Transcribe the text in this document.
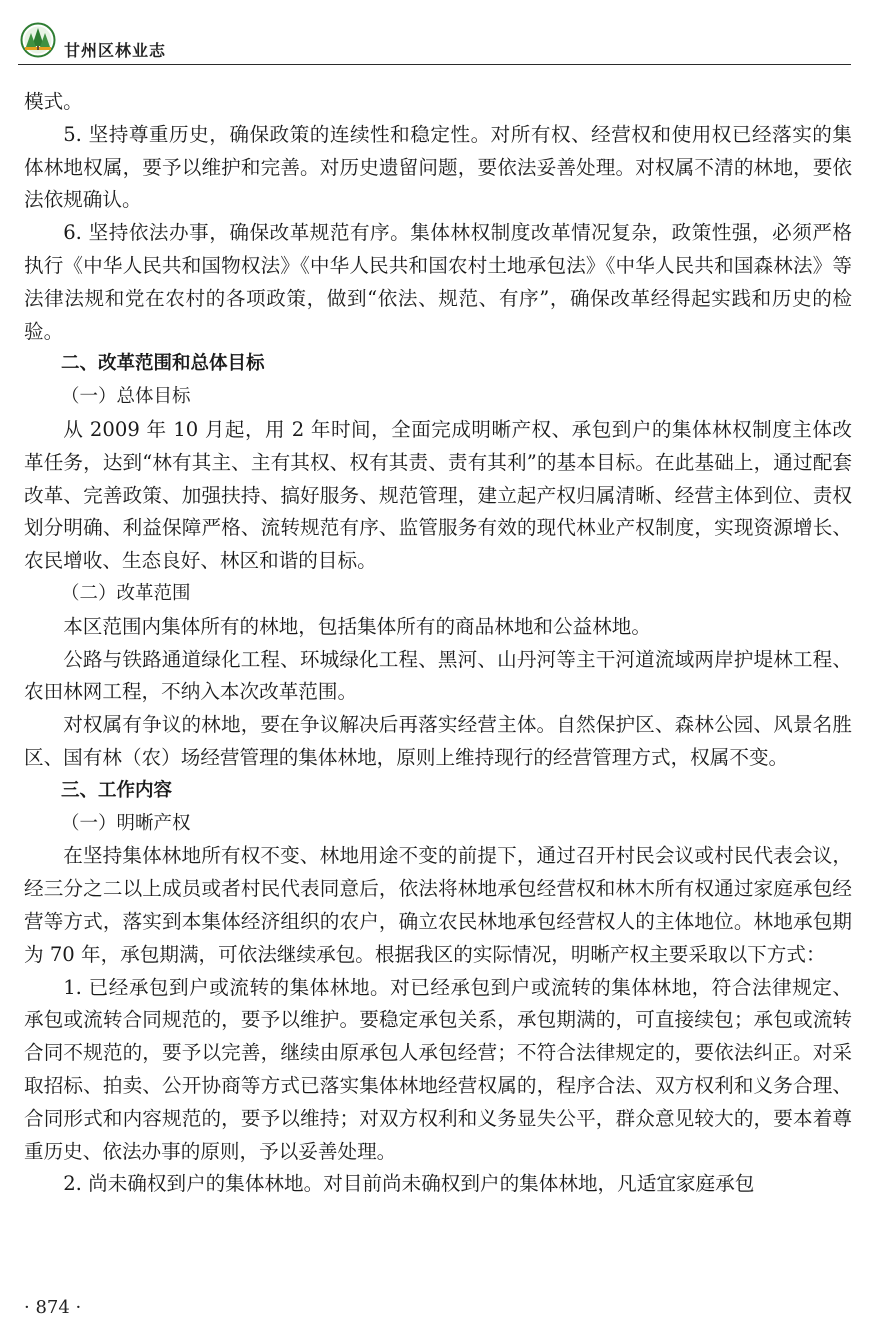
甘州区林业志

模式。

5. 坚持尊重历史，确保政策的连续性和稳定性。对所有权、经营权和使用权已经落实的集体林地权属，要予以维护和完善。对历史遗留问题，要依法妥善处理。对权属不清的林地，要依法依规确认。

6. 坚持依法办事，确保改革规范有序。集体林权制度改革情况复杂，政策性强，必须严格执行《中华人民共和国物权法》《中华人民共和国农村土地承包法》《中华人民共和国森林法》等法律法规和党在农村的各项政策，做到“依法、规范、有序”，确保改革经得起实践和历史的检验。

二、改革范围和总体目标

（一）总体目标

从 2009 年 10 月起，用 2 年时间，全面完成明晰产权、承包到户的集体林权制度主体改革任务，达到“林有其主、主有其权、权有其责、责有其利”的基本目标。在此基础上，通过配套改革、完善政策、加强扶持、搞好服务、规范管理，建立起产权归属清晰、经营主体到位、责权划分明确、利益保障严格、流转规范有序、监管服务有效的现代林业产权制度，实现资源增长、农民增收、生态良好、林区和谐的目标。

（二）改革范围

本区范围内集体所有的林地，包括集体所有的商品林地和公益林地。

公路与铁路通道绿化工程、环城绿化工程、黑河、山丹河等主干河道流域两岸护堤林工程、农田林网工程，不纳入本次改革范围。

对权属有争议的林地，要在争议解决后再落实经营主体。自然保护区、森林公园、风景名胜区、国有林（农）场经营管理的集体林地，原则上维持现行的经营管理方式，权属不变。

三、工作内容

（一）明晰产权

在坚持集体林地所有权不变、林地用途不变的前提下，通过召开村民会议或村民代表会议，经三分之二以上成员或者村民代表同意后，依法将林地承包经营权和林木所有权通过家庭承包经营等方式，落实到本集体经济组织的农户，确立农民林地承包经营权人的主体地位。林地承包期为 70 年，承包期满，可依法继续承包。根据我区的实际情况，明晰产权主要采取以下方式：

1. 已经承包到户或流转的集体林地。对已经承包到户或流转的集体林地，符合法律规定、承包或流转合同规范的，要予以维护。要稳定承包关系，承包期满的，可直接续包；承包或流转合同不规范的，要予以完善，继续由原承包人承包经营；不符合法律规定的，要依法纠正。对采取招标、拍卖、公开协商等方式已落实集体林地经营权属的，程序合法、双方权利和义务合理、合同形式和内容规范的，要予以维持；对双方权利和义务显失公平，群众意见较大的，要本着尊重历史、依法办事的原则，予以妥善处理。

2. 尚未确权到户的集体林地。对目前尚未确权到户的集体林地，凡适宜家庭承包

· 874 ·
